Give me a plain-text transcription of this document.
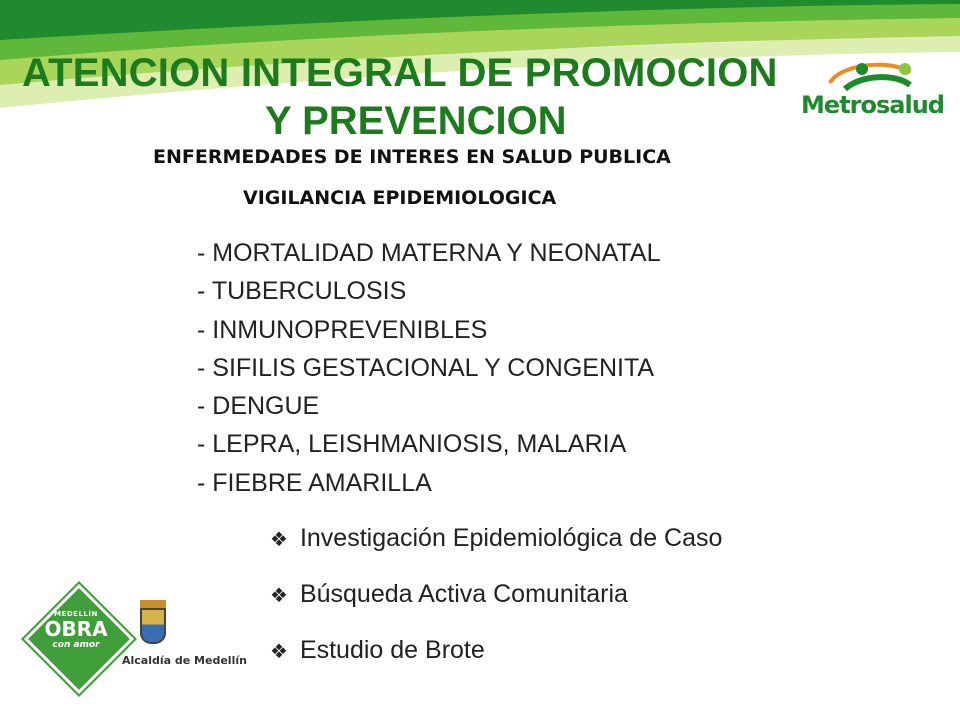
ATENCION INTEGRAL DE PROMOCION
Y PREVENCION	Metrosalud
ENFERMEDADES DE INTERES EN SALUD PUBLICA
VIGILANCIA EPIDEMIOLOGICA
- MORTALIDAD MATERNA Y NEONATAL
- TUBERCULOSIS
- INMUNOPREVENIBLES
- SIFILIS GESTACIONAL Y CONGENITA
- DENGUE
- LEPRA, LEISHMANIOSIS, MALARIA
- FIEBRE AMARILLA
❖ Investigación Epidemiológica de Caso
❖ Búsqueda Activa Comunitaria
❖ Estudio de Brote
MEDELLÍN
OBRA
con amor
Alcaldía de Medellín
